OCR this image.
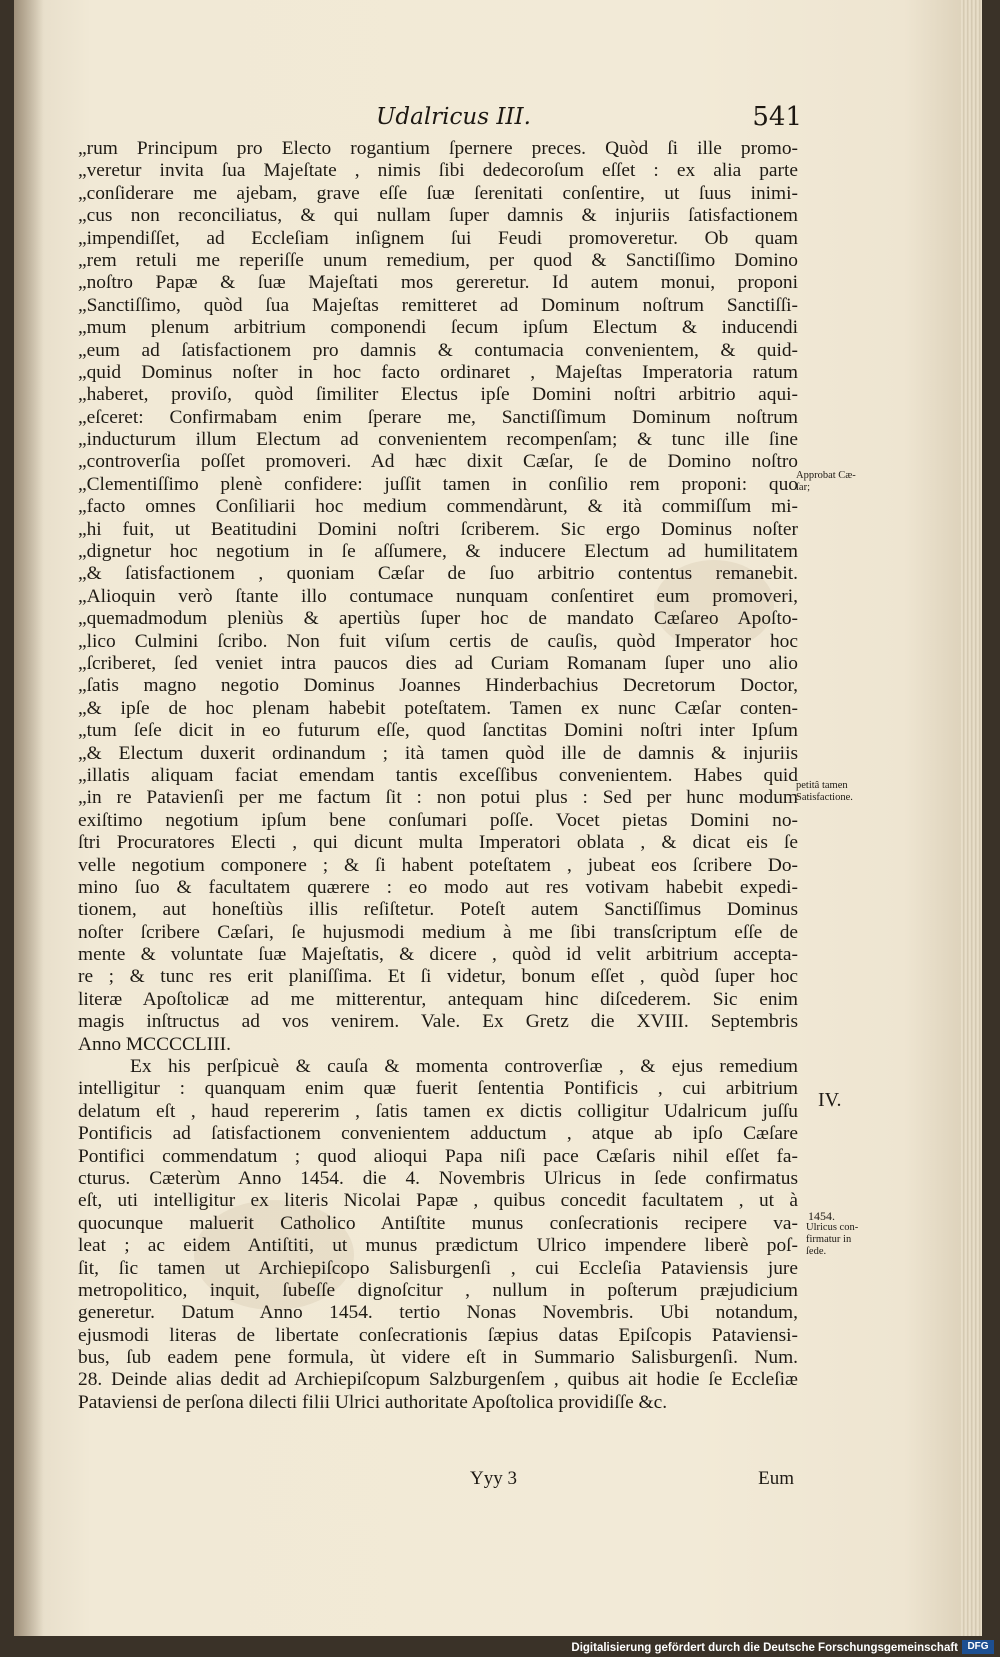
Udalricus III.	541
„rum Principum pro Electo rogantium ſpernere preces. Quòd ſi ille promo-
„veretur invita ſua Majeſtate , nimis ſibi dedecoroſum eſſet : ex alia parte
„conſiderare me ajebam, grave eſſe ſuæ ſerenitati conſentire, ut ſuus inimi-
„cus non reconciliatus, & qui nullam ſuper damnis & injuriis ſatisfactionem
„impendiſſet, ad Eccleſiam inſignem ſui Feudi promoveretur. Ob quam
„rem retuli me reperiſſe unum remedium, per quod & Sanctiſſimo Domino
„noſtro Papæ & ſuæ Majeſtati mos gereretur. Id autem monui, proponi
„Sanctiſſimo, quòd ſua Majeſtas remitteret ad Dominum noſtrum Sanctiſſi-
„mum plenum arbitrium componendi ſecum ipſum Electum & inducendi
„eum ad ſatisfactionem pro damnis & contumacia convenientem, & quid-
„quid Dominus noſter in hoc facto ordinaret , Majeſtas Imperatoria ratum
„haberet, proviſo, quòd ſimiliter Electus ipſe Domini noſtri arbitrio aqui-
„eſceret: Confirmabam enim ſperare me, Sanctiſſimum Dominum noſtrum
„inducturum illum Electum ad convenientem recompenſam; & tunc ille ſine
„controverſia poſſet promoveri. Ad hæc dixit Cæſar, ſe de Domino noſtro
„Clementiſſimo plenè confidere: juſſit tamen in conſilio rem proponi: quo
„facto omnes Conſiliarii hoc medium commendàrunt, & ità commiſſum mi-
„hi fuit, ut Beatitudini Domini noſtri ſcriberem. Sic ergo Dominus noſter
„dignetur hoc negotium in ſe aſſumere, & inducere Electum ad humilitatem
„& ſatisfactionem , quoniam Cæſar de ſuo arbitrio contentus remanebit.
„Alioquin verò ſtante illo contumace nunquam conſentiret eum promoveri,
„quemadmodum pleniùs & apertiùs ſuper hoc de mandato Cæſareo Apoſto-
„lico Culmini ſcribo. Non fuit viſum certis de cauſis, quòd Imperator hoc
„ſcriberet, ſed veniet intra paucos dies ad Curiam Romanam ſuper uno alio
„ſatis magno negotio Dominus Joannes Hinderbachius Decretorum Doctor,
„& ipſe de hoc plenam habebit poteſtatem. Tamen ex nunc Cæſar conten-
„tum ſeſe dicit in eo futurum eſſe, quod ſanctitas Domini noſtri inter Ipſum
„& Electum duxerit ordinandum ; ità tamen quòd ille de damnis & injuriis
„illatis aliquam faciat emendam tantis exceſſibus convenientem. Habes quid
„in re Patavienſi per me factum ſit : non potui plus : Sed per hunc modum
exiſtimo negotium ipſum bene conſumari poſſe. Vocet pietas Domini no-
ſtri Procuratores Electi , qui dicunt multa Imperatori oblata , & dicat eis ſe
velle negotium componere ; & ſi habent poteſtatem , jubeat eos ſcribere Do-
mino ſuo & facultatem quærere : eo modo aut res votivam habebit expedi-
tionem, aut honeſtiùs illis reſiſtetur. Poteſt autem Sanctiſſimus Dominus
noſter ſcribere Cæſari, ſe hujusmodi medium à me ſibi transſcriptum eſſe de
mente & voluntate ſuæ Majeſtatis, & dicere , quòd id velit arbitrium accepta-
re ; & tunc res erit planiſſima. Et ſi videtur, bonum eſſet , quòd ſuper hoc
literæ Apoſtolicæ ad me mitterentur, antequam hinc diſcederem. Sic enim
magis inſtructus ad vos venirem. Vale. Ex Gretz die XVIII. Septembris
Anno MCCCCLIII.
Ex his perſpicuè & cauſa & momenta controverſiæ , & ejus remedium
intelligitur : quanquam enim quæ fuerit ſententia Pontificis , cui arbitrium
delatum eſt , haud repererim , ſatis tamen ex dictis colligitur Udalricum juſſu
Pontificis ad ſatisfactionem convenientem adductum , atque ab ipſo Cæſare
Pontifici commendatum ; quod alioqui Papa niſi pace Cæſaris nihil eſſet fa-
cturus. Cæterùm Anno 1454. die 4. Novembris Ulricus in ſede confirmatus
eſt, uti intelligitur ex literis Nicolai Papæ , quibus concedit facultatem , ut à
quocunque maluerit Catholico Antiſtite munus conſecrationis recipere va-
leat ; ac eidem Antiſtiti, ut munus prædictum Ulrico impendere liberè poſ-
ſit, ſic tamen ut Archiepiſcopo Salisburgenſi , cui Eccleſia Pataviensis jure
metropolitico, inquit, ſubeſſe dignoſcitur , nullum in poſterum præjudicium
generetur. Datum Anno 1454. tertio Nonas Novembris. Ubi notandum,
ejusmodi literas de libertate conſecrationis ſæpius datas Epiſcopis Pataviensi-
bus, ſub eadem pene formula, ùt videre eſt in Summario Salisburgenſi. Num.
28. Deinde alias dedit ad Archiepiſcopum Salzburgenſem , quibus ait hodie ſe Eccleſiæ Pataviensi de perſona dilecti filii Ulrici authoritate Apoſtolica providiſſe &c.
Approbat Cæ-
ſar;
petitâ tamen
Satisfactione.
IV.
1454.
Ulricus con-
firmatur in
ſede.
Yyy 3	Eum
Digitalisierung gefördert durch die Deutsche Forschungsgemeinschaft DFG
